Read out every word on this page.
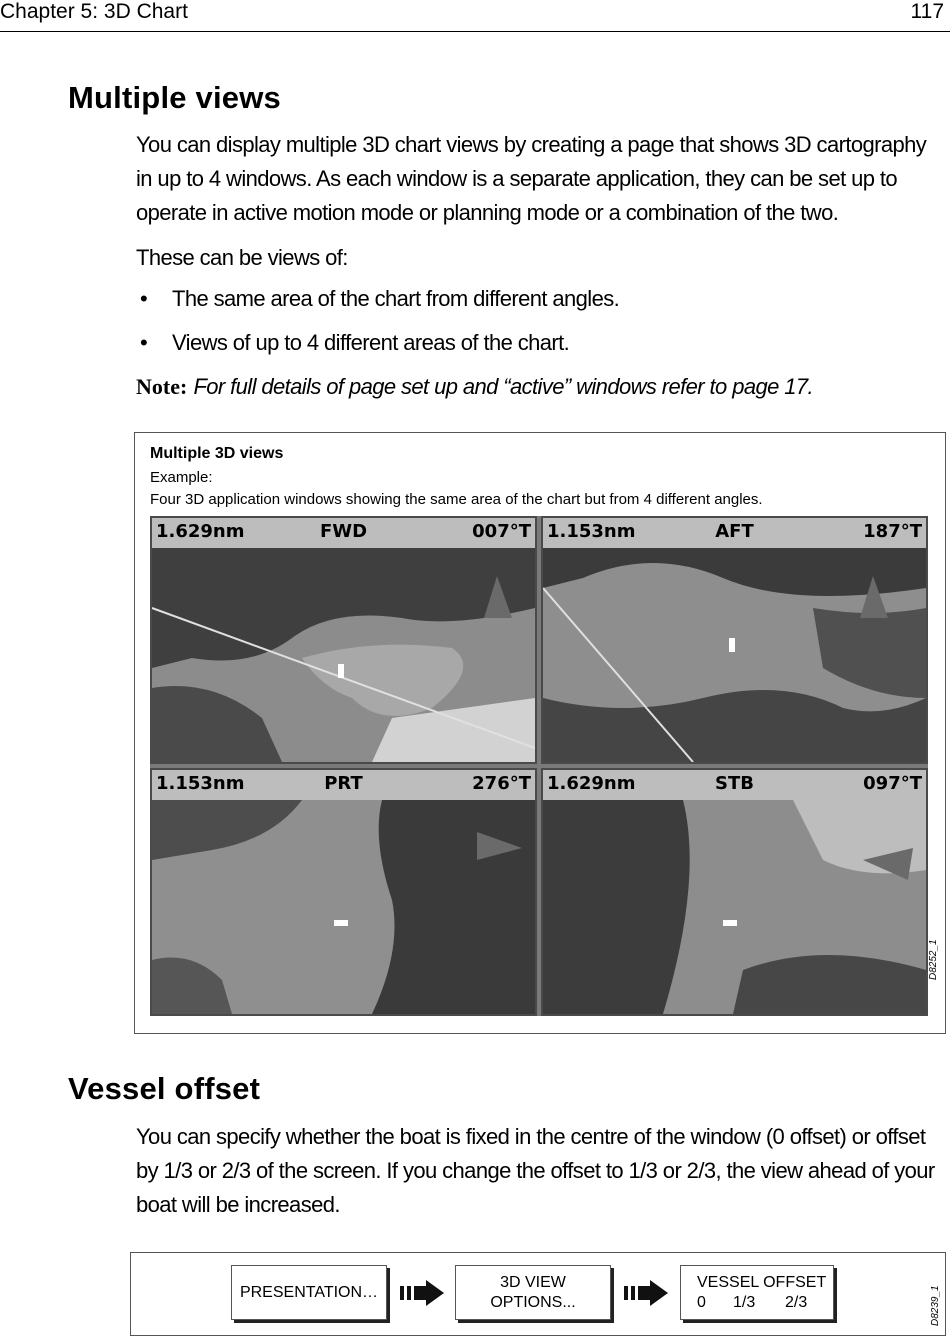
Chapter 5: 3D Chart	117
Multiple views

You can display multiple 3D chart views by creating a page that shows 3D cartography

in up to 4 windows. As each window is a separate application, they can be set up to

operate in active motion mode or planning mode or a combination of the two.

These can be views of:
• The same area of the chart from different angles.
• Views of up to 4 different areas of the chart.
Note: For full details of page set up and “active” windows refer to page 17.
Multiple 3D views
Example:
Four 3D application windows showing the same area of the chart but from 4 different angles.
FWD
1.629nm	007°T	AFT
1.153nm	187°T
PRT
1.153nm	276°T	STB
1.629nm	097°T
D8252_1
Vessel offset

You can specify whether the boat is fixed in the centre of the window (0 offset) or offset

by 1/3 or 2/3 of the screen. If you change the offset to 1/3 or 2/3, the view ahead of your

boat will be increased.

PRESENTATION…
3D VIEW
OPTIONS...
VESSEL OFFSET
0 1/3 2/3	D8239_1
